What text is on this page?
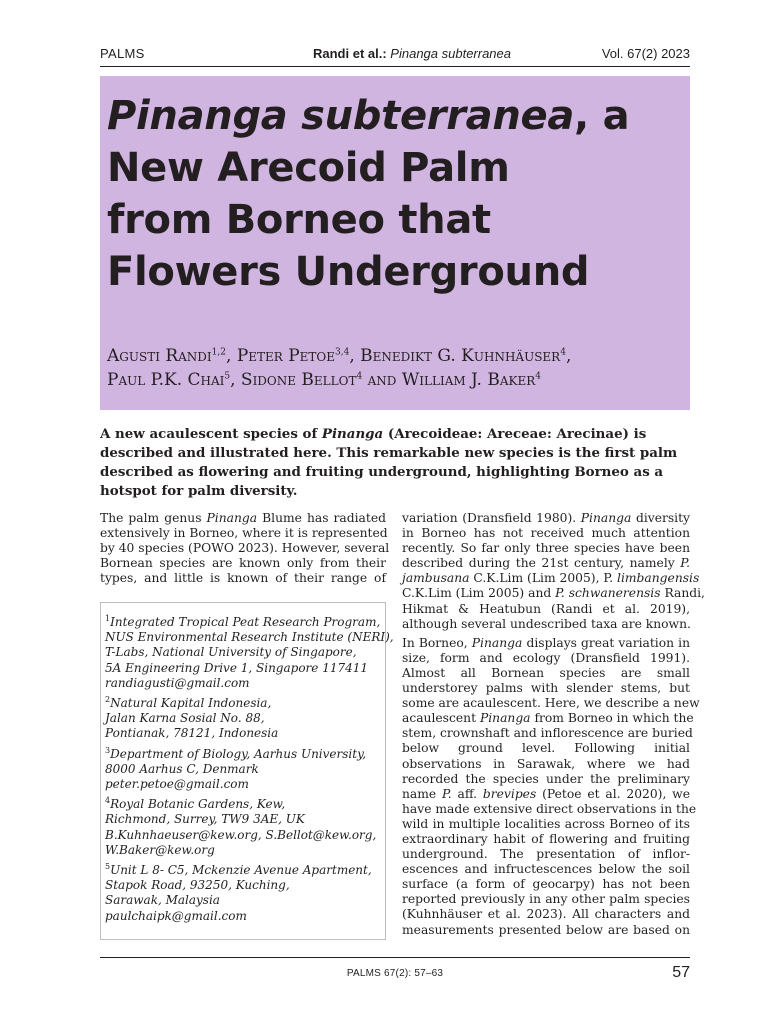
PALMS	Randi et al.: Pinanga subterranea	Vol. 67(2) 2023
Pinanga subterranea, a
New Arecoid Palm
from Borneo that
Flowers Underground
Agusti Randi$^{1,2}$, Peter Petoe$^{3,4}$, Benedikt G. Kuhnhäuser$^4$,
Paul P.K. Chai$^5$, Sidone Bellot$^4$ and William J. Baker$^4$

A new acaulescent species of Pinanga (Arecoideae: Areceae: Arecinae) is described and illustrated here. This remarkable new species is the first palm described as flowering and fruiting underground, highlighting Borneo as a hotspot for palm diversity.

The palm genus Pinanga Blume has radiated
extensively in Borneo, where it is represented
by 40 species (POWO 2023). However, several
Bornean species are known only from their
types, and little is known of their range of

$^1$Integrated Tropical Peat Research Program,
NUS Environmental Research Institute (NERI),
T-Labs, National University of Singapore,
5A Engineering Drive 1, Singapore 117411
randiagusti@gmail.com
$^2$Natural Kapital Indonesia,
Jalan Karna Sosial No. 88,
Pontianak, 78121, Indonesia
$^3$Department of Biology, Aarhus University,
8000 Aarhus C, Denmark
peter.petoe@gmail.com
$^4$Royal Botanic Gardens, Kew,
Richmond, Surrey, TW9 3AE, UK
B.Kuhnhaeuser@kew.org, S.Bellot@kew.org,
W.Baker@kew.org
$^5$Unit L 8- C5, Mckenzie Avenue Apartment,
Stapok Road, 93250, Kuching,
Sarawak, Malaysia
paulchaipk@gmail.com

variation (Dransfield 1980). Pinanga diversity
in Borneo has not received much attention
recently. So far only three species have been
described during the 21st century, namely P.
jambusana C.K.Lim (Lim 2005), P. limbangensis
C.K.Lim (Lim 2005) and P. schwanerensis Randi,
Hikmat & Heatubun (Randi et al. 2019),
although several undescribed taxa are known.

In Borneo, Pinanga displays great variation in
size, form and ecology (Dransfield 1991).
Almost all Bornean species are small
understorey palms with slender stems, but
some are acaulescent. Here, we describe a new
acaulescent Pinanga from Borneo in which the
stem, crownshaft and inflorescence are buried
below ground level. Following initial
observations in Sarawak, where we had
recorded the species under the preliminary
name P. aff. brevipes (Petoe et al. 2020), we
have made extensive direct observations in the
wild in multiple localities across Borneo of its
extraordinary habit of flowering and fruiting
underground. The presentation of inflor-
escences and infructescences below the soil
surface (a form of geocarpy) has not been
reported previously in any other palm species
(Kuhnhäuser et al. 2023). All characters and
measurements presented below are based on

PALMS 67(2): 57–63	57
